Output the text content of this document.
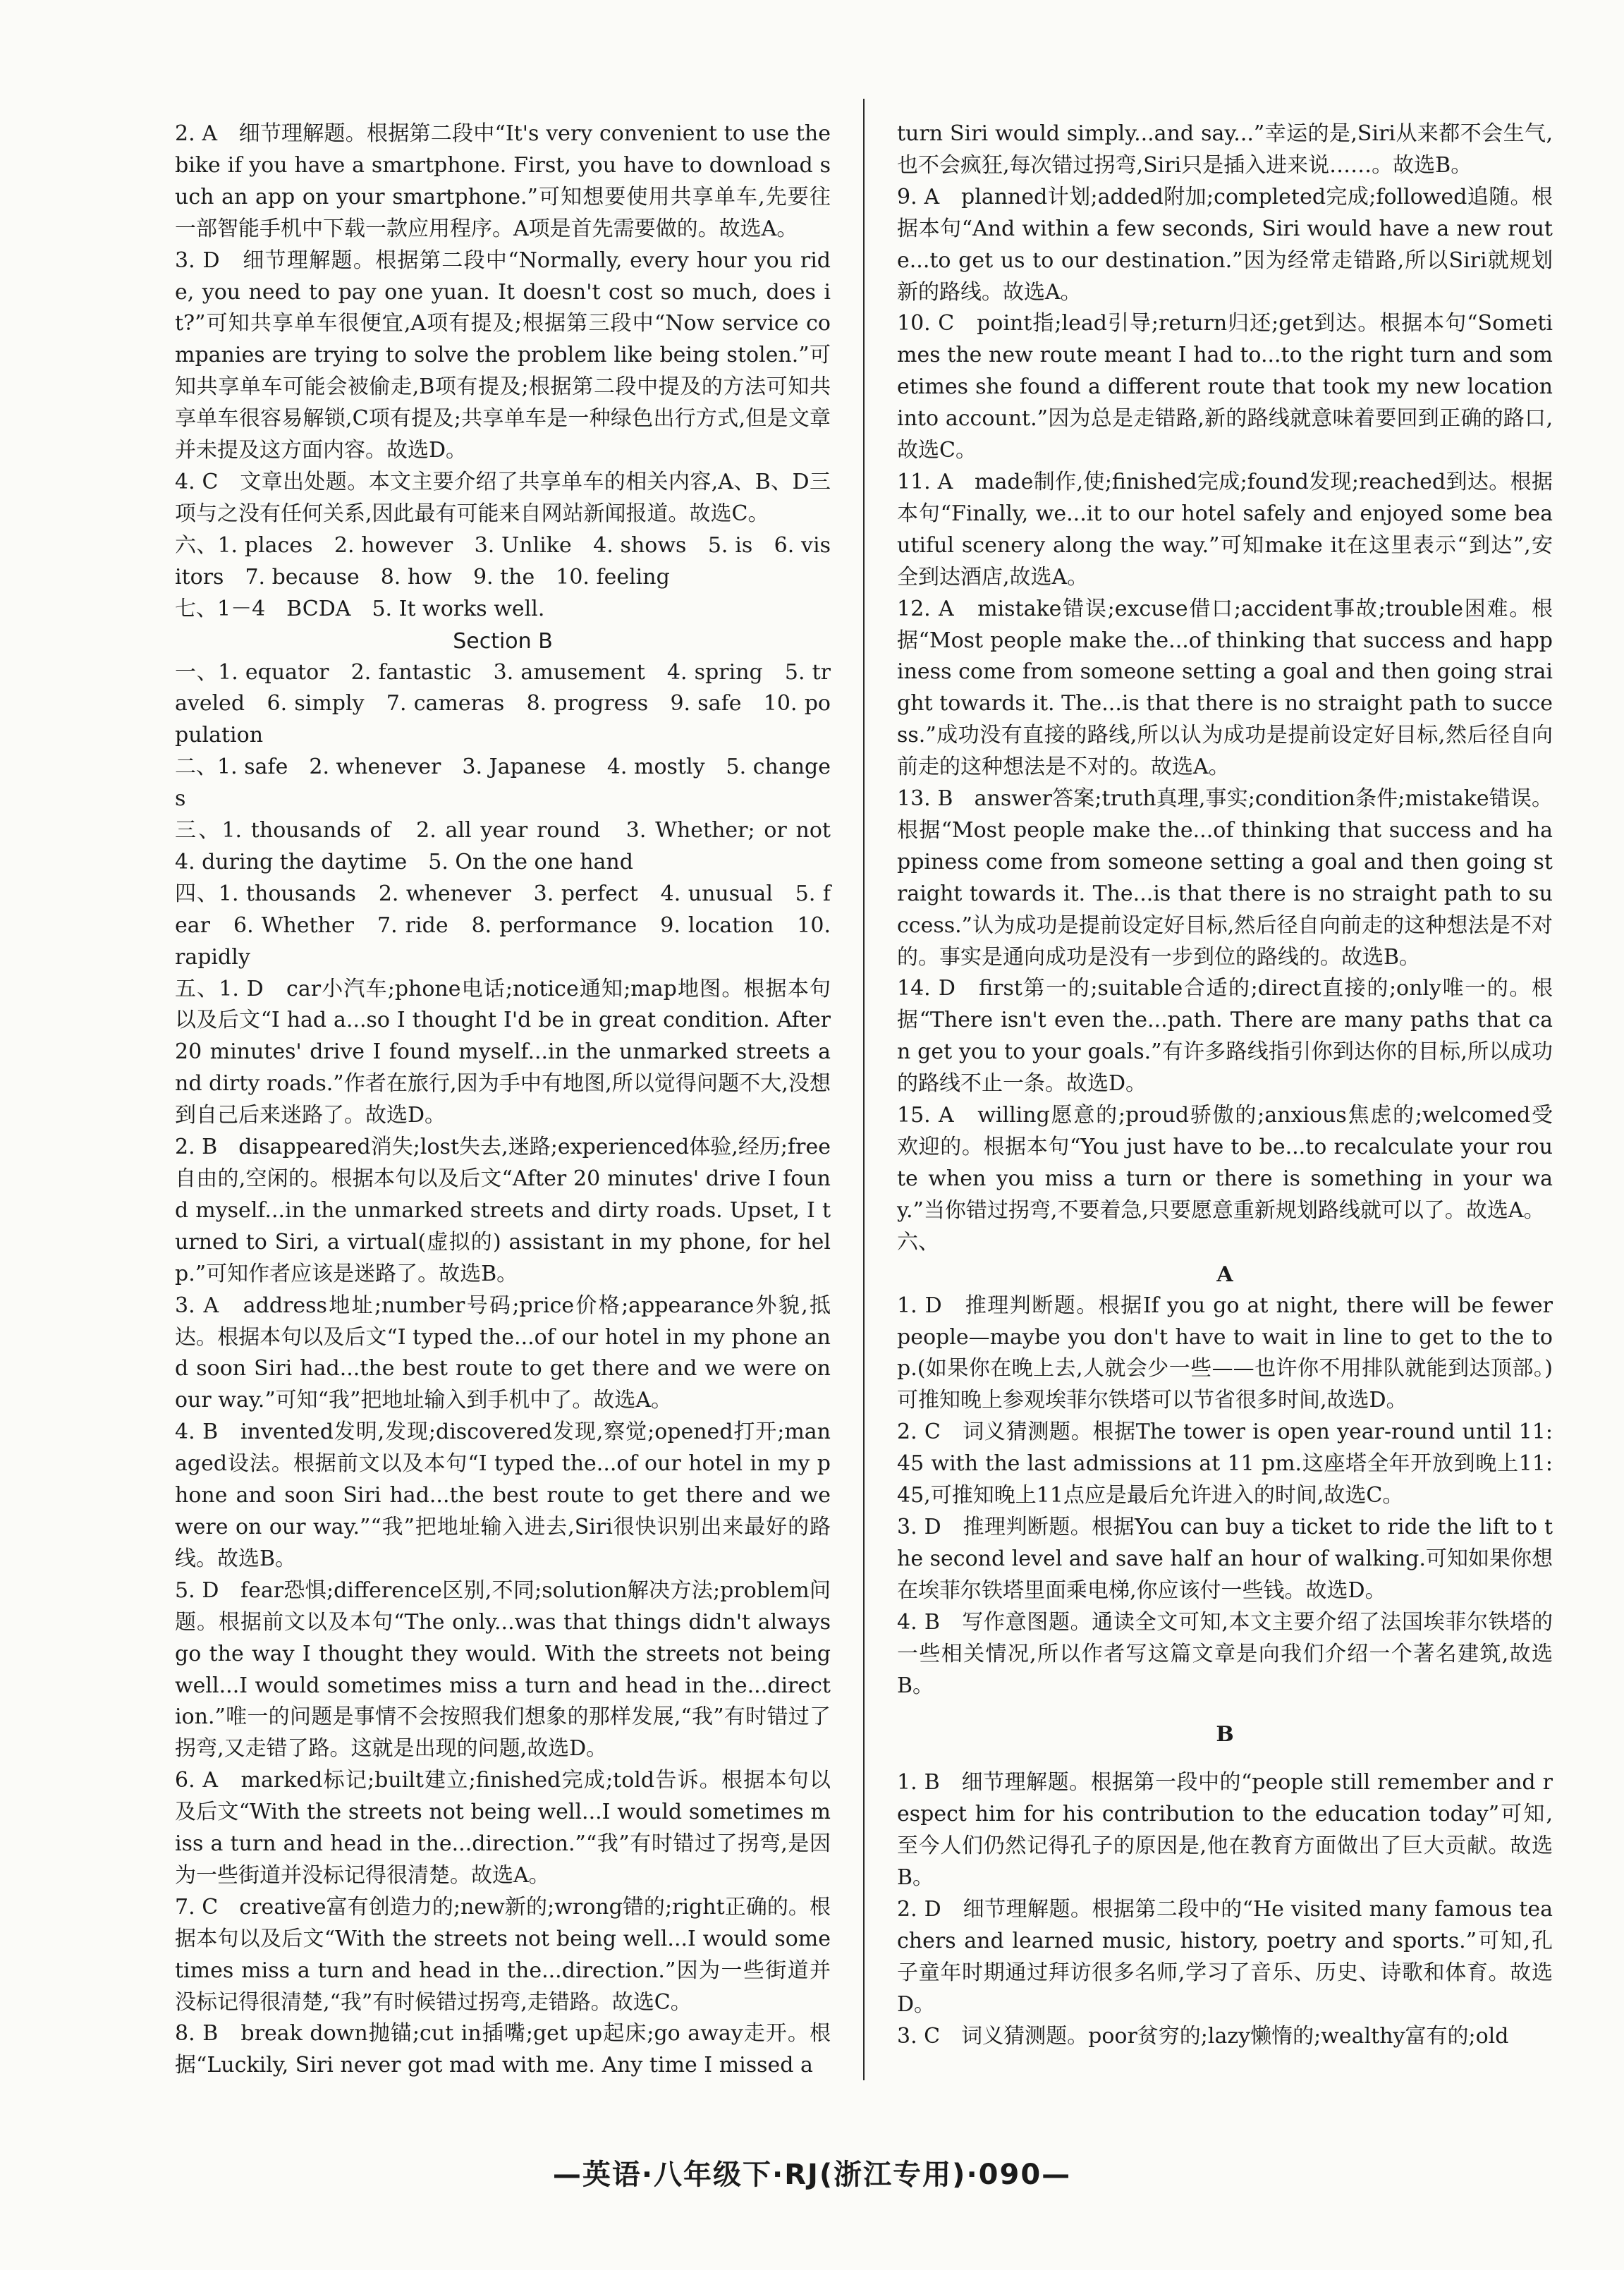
2. A　细节理解题。根据第二段中“It's very convenient to use the bike if you have a smartphone. First, you have to download such an app on your smartphone.”可知想要使用共享单车,先要往一部智能手机中下载一款应用程序。A项是首先需要做的。故选A。

3. D　细节理解题。根据第二段中“Normally, every hour you ride, you need to pay one yuan. It doesn't cost so much, does it?”可知共享单车很便宜,A项有提及;根据第三段中“Now service companies are trying to solve the problem like being stolen.”可知共享单车可能会被偷走,B项有提及;根据第二段中提及的方法可知共享单车很容易解锁,C项有提及;共享单车是一种绿色出行方式,但是文章并未提及这方面内容。故选D。

4. C　文章出处题。本文主要介绍了共享单车的相关内容,A、B、D三项与之没有任何关系,因此最有可能来自网站新闻报道。故选C。

六、1. places　2. however　3. Unlike　4. shows　5. is　6. visitors　7. because　8. how　9. the　10. feeling

七、1－4　BCDA　5. It works well.

Section B

一、1. equator　2. fantastic　3. amusement　4. spring　5. traveled　6. simply　7. cameras　8. progress　9. safe　10. population

二、1. safe　2. whenever　3. Japanese　4. mostly　5. changes

三、1. thousands of　2. all year round　3. Whether; or not　4. during the daytime　5. On the one hand

四、1. thousands　2. whenever　3. perfect　4. unusual　5. fear　6. Whether　7. ride　8. performance　9. location　10. rapidly

五、1. D　car小汽车;phone电话;notice通知;map地图。根据本句以及后文“I had a...so I thought I'd be in great condition. After 20 minutes' drive I found myself...in the unmarked streets and dirty roads.”作者在旅行,因为手中有地图,所以觉得问题不大,没想到自己后来迷路了。故选D。

2. B　disappeared消失;lost失去,迷路;experienced体验,经历;free自由的,空闲的。根据本句以及后文“After 20 minutes' drive I found myself...in the unmarked streets and dirty roads. Upset, I turned to Siri, a virtual(虚拟的) assistant in my phone, for help.”可知作者应该是迷路了。故选B。

3. A　address地址;number号码;price价格;appearance外貌,抵达。根据本句以及后文“I typed the...of our hotel in my phone and soon Siri had...the best route to get there and we were on our way.”可知“我”把地址输入到手机中了。故选A。

4. B　invented发明,发现;discovered发现,察觉;opened打开;managed设法。根据前文以及本句“I typed the...of our hotel in my phone and soon Siri had...the best route to get there and we were on our way.”“我”把地址输入进去,Siri很快识别出来最好的路线。故选B。

5. D　fear恐惧;difference区别,不同;solution解决方法;problem问题。根据前文以及本句“The only...was that things didn't always go the way I thought they would. With the streets not being well...I would sometimes miss a turn and head in the...direction.”唯一的问题是事情不会按照我们想象的那样发展,“我”有时错过了拐弯,又走错了路。这就是出现的问题,故选D。

6. A　marked标记;built建立;finished完成;told告诉。根据本句以及后文“With the streets not being well...I would sometimes miss a turn and head in the...direction.”“我”有时错过了拐弯,是因为一些街道并没标记得很清楚。故选A。

7. C　creative富有创造力的;new新的;wrong错的;right正确的。根据本句以及后文“With the streets not being well...I would sometimes miss a turn and head in the...direction.”因为一些街道并没标记得很清楚,“我”有时候错过拐弯,走错路。故选C。

8. B　break down抛锚;cut in插嘴;get up起床;go away走开。根据“Luckily, Siri never got mad with me. Any time I missed a

turn Siri would simply...and say...”幸运的是,Siri从来都不会生气,也不会疯狂,每次错过拐弯,Siri只是插入进来说……。故选B。

9. A　planned计划;added附加;completed完成;followed追随。根据本句“And within a few seconds, Siri would have a new route...to get us to our destination.”因为经常走错路,所以Siri就规划新的路线。故选A。

10. C　point指;lead引导;return归还;get到达。根据本句“Sometimes the new route meant I had to...to the right turn and sometimes she found a different route that took my new location into account.”因为总是走错路,新的路线就意味着要回到正确的路口,故选C。

11. A　made制作,使;finished完成;found发现;reached到达。根据本句“Finally, we...it to our hotel safely and enjoyed some beautiful scenery along the way.”可知make it在这里表示“到达”,安全到达酒店,故选A。

12. A　mistake错误;excuse借口;accident事故;trouble困难。根据“Most people make the...of thinking that success and happiness come from someone setting a goal and then going straight towards it. The...is that there is no straight path to success.”成功没有直接的路线,所以认为成功是提前设定好目标,然后径自向前走的这种想法是不对的。故选A。

13. B　answer答案;truth真理,事实;condition条件;mistake错误。根据“Most people make the...of thinking that success and happiness come from someone setting a goal and then going straight towards it. The...is that there is no straight path to success.”认为成功是提前设定好目标,然后径自向前走的这种想法是不对的。事实是通向成功是没有一步到位的路线的。故选B。

14. D　first第一的;suitable合适的;direct直接的;only唯一的。根据“There isn't even the...path. There are many paths that can get you to your goals.”有许多路线指引你到达你的目标,所以成功的路线不止一条。故选D。

15. A　willing愿意的;proud骄傲的;anxious焦虑的;welcomed受欢迎的。根据本句“You just have to be...to recalculate your route when you miss a turn or there is something in your way.”当你错过拐弯,不要着急,只要愿意重新规划路线就可以了。故选A。

六、

A

1. D　推理判断题。根据If you go at night, there will be fewer people—maybe you don't have to wait in line to get to the top.(如果你在晚上去,人就会少一些——也许你不用排队就能到达顶部。)可推知晚上参观埃菲尔铁塔可以节省很多时间,故选D。

2. C　词义猜测题。根据The tower is open year-round until 11:45 with the last admissions at 11 pm.这座塔全年开放到晚上11:45,可推知晚上11点应是最后允许进入的时间,故选C。

3. D　推理判断题。根据You can buy a ticket to ride the lift to the second level and save half an hour of walking.可知如果你想在埃菲尔铁塔里面乘电梯,你应该付一些钱。故选D。

4. B　写作意图题。通读全文可知,本文主要介绍了法国埃菲尔铁塔的一些相关情况,所以作者写这篇文章是向我们介绍一个著名建筑,故选B。

B

1. B　细节理解题。根据第一段中的“people still remember and respect him for his contribution to the education today”可知,至今人们仍然记得孔子的原因是,他在教育方面做出了巨大贡献。故选B。

2. D　细节理解题。根据第二段中的“He visited many famous teachers and learned music, history, poetry and sports.”可知,孔子童年时期通过拜访很多名师,学习了音乐、历史、诗歌和体育。故选D。

3. C　词义猜测题。poor贫穷的;lazy懒惰的;wealthy富有的;old

—英语·八年级下·RJ(浙江专用)·090—
